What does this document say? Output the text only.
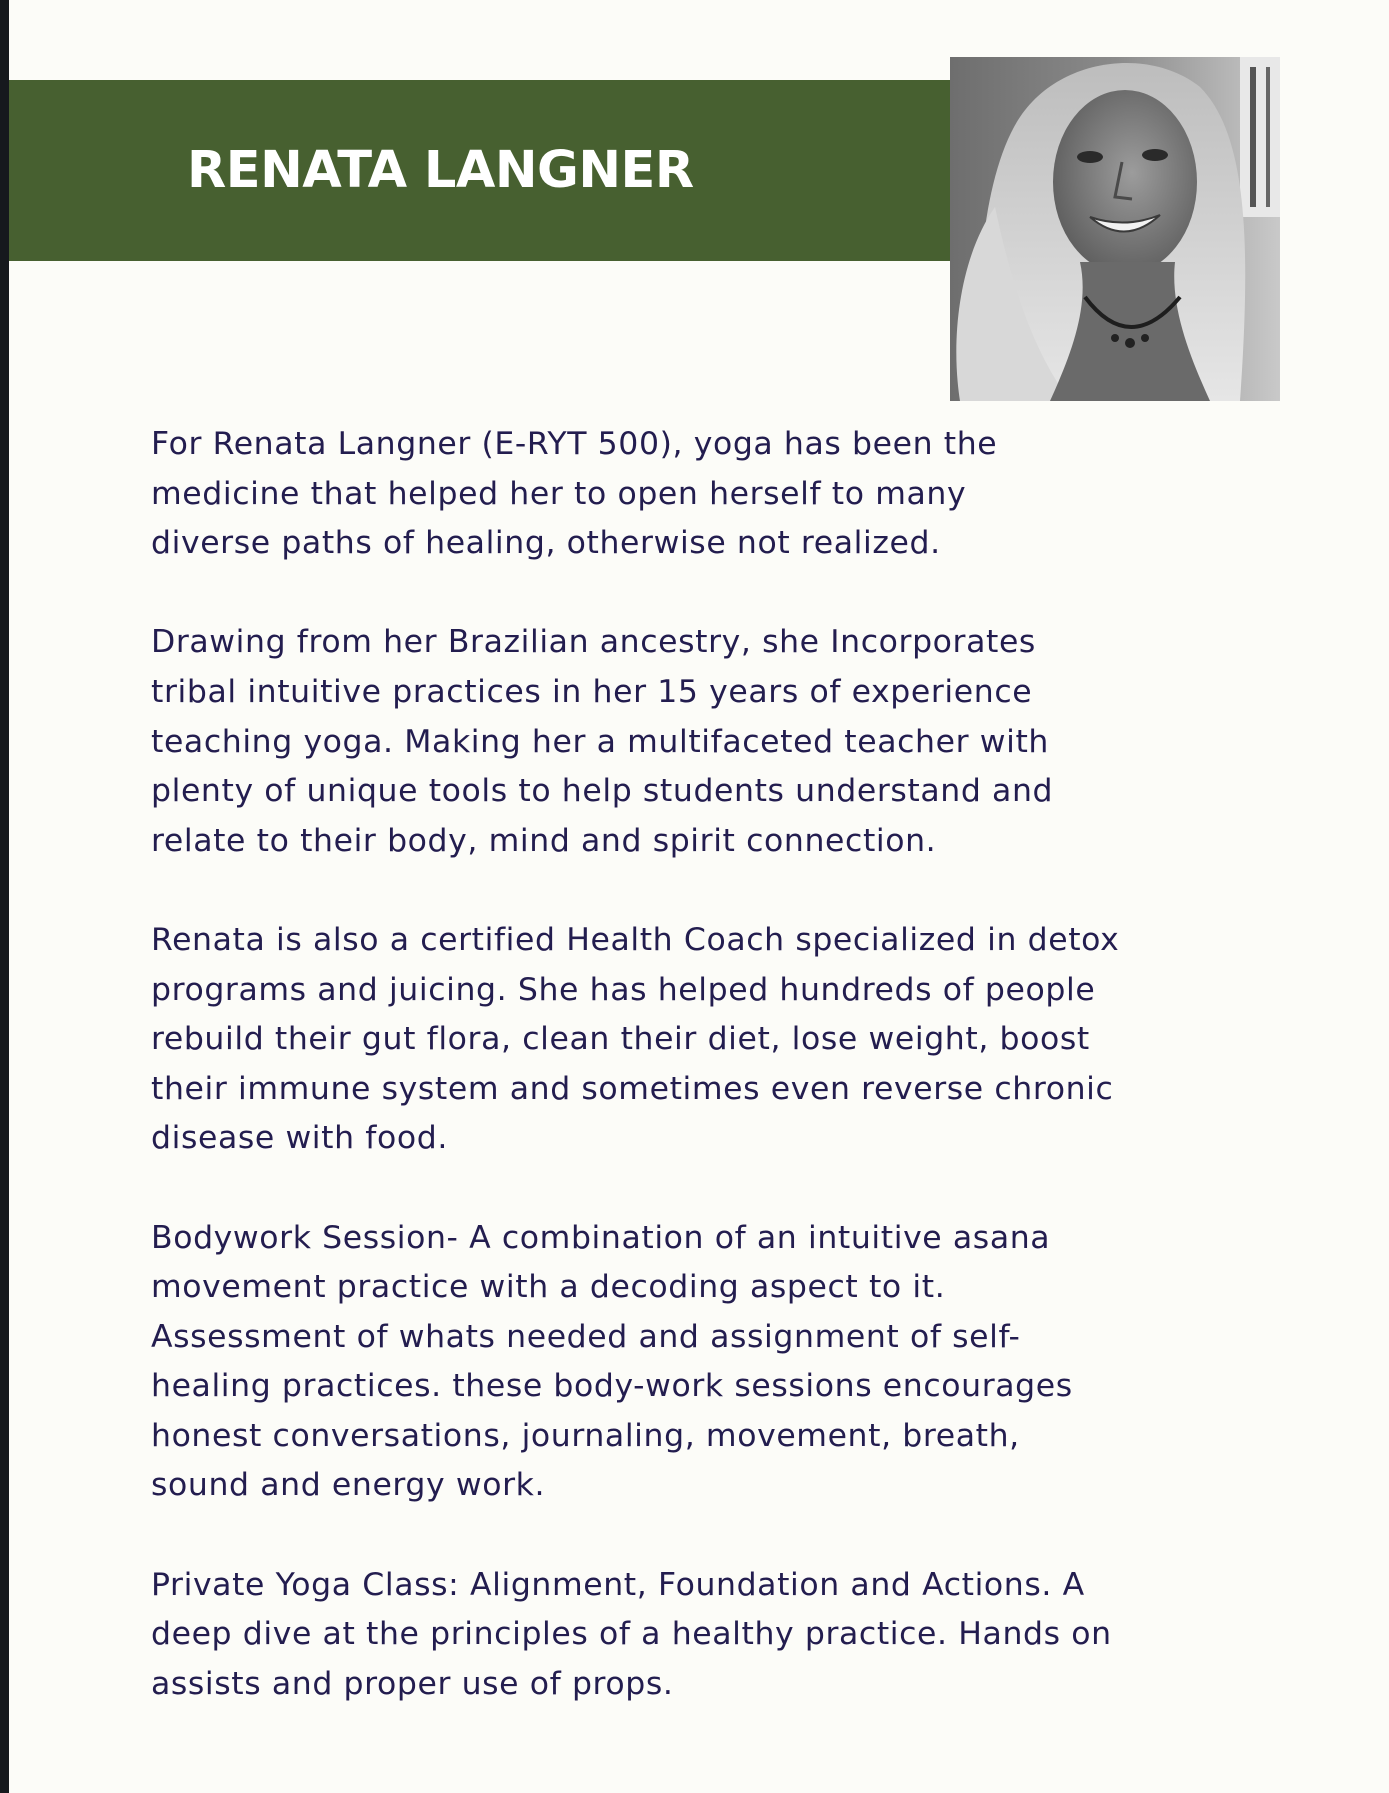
RENATA LANGNER

For Renata Langner (E-RYT 500), yoga has been the
medicine that helped her to open herself to many
diverse paths of healing, otherwise not realized.

Drawing from her Brazilian ancestry, she Incorporates
tribal intuitive practices in her 15 years of experience
teaching yoga. Making her a multifaceted teacher with
plenty of unique tools to help students understand and
relate to their body, mind and spirit connection.

Renata is also a certified Health Coach specialized in detox
programs and juicing. She has helped hundreds of people
rebuild their gut flora, clean their diet, lose weight, boost
their immune system and sometimes even reverse chronic
disease with food.

Bodywork Session- A combination of an intuitive asana
movement practice with a decoding aspect to it.
Assessment of whats needed and assignment of self-
healing practices. these body-work sessions encourages
honest conversations, journaling, movement, breath,
sound and energy work.

Private Yoga Class: Alignment, Foundation and Actions. A
deep dive at the principles of a healthy practice. Hands on
assists and proper use of props.
